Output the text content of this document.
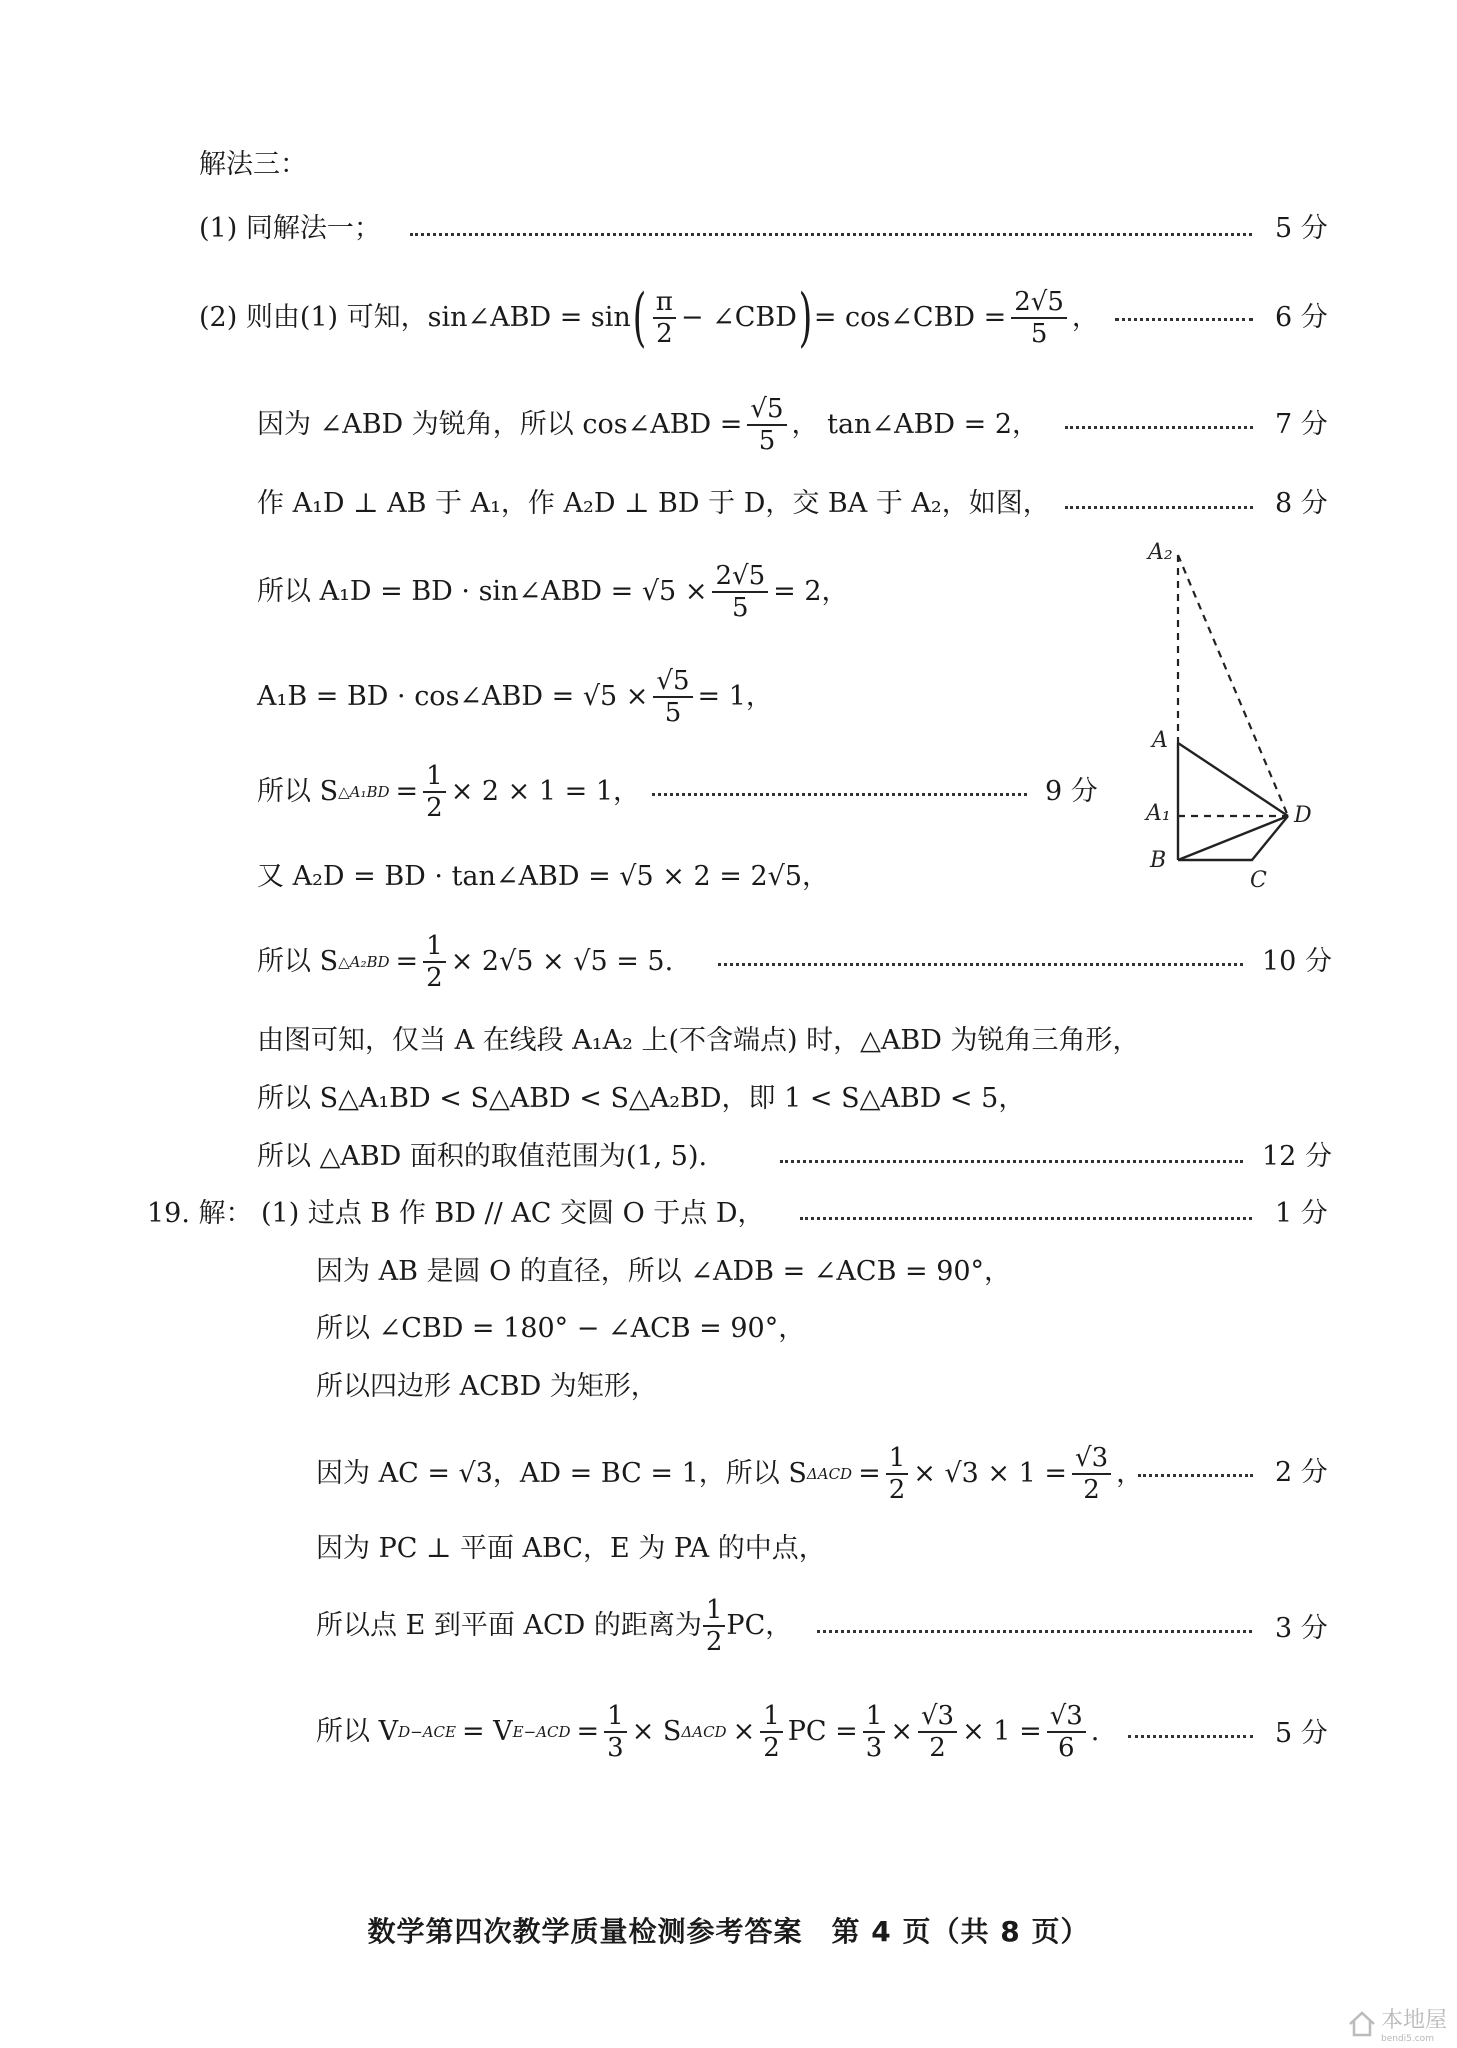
解法三：
(1) 同解法一；	5 分
(2) 则由(1) 可知， sin∠ABD = sin ( $\frac{\pi}{2}$ − ∠CBD ) = cos∠CBD = $\frac{2√5}{5}$ ，	6 分
因为 ∠ABD 为锐角，所以 cos∠ABD = $\frac{√5}{5}$ ， tan∠ABD = 2，	7 分
作 A₁D ⊥ AB 于 A₁，作 A₂D ⊥ BD 于 D，交 BA 于 A₂，如图，	8 分
所以 A₁D = BD · sin∠ABD = $√5 \times \frac{2√5}{5} = 2$，
A₁B = BD · cos∠ABD = $√5 \times \frac{√5}{5} = 1$，
所以 S △A₁BD = $\frac{1}{2} \times 2 \times 1 = 1$，	9 分
又 A₂D = BD · tan∠ABD = √5 × 2 = 2√5，
所以 S △A₂BD = $\frac{1}{2} \times 2√5 \times √5 = 5$.	10 分
由图可知，仅当 A 在线段 A₁A₂ 上(不含端点) 时，△ABD 为锐角三角形，
所以 S△A₁BD < S△ABD < S△A₂BD，即 1 < S△ABD < 5，
所以 △ABD 面积的取值范围为(1, 5).	12 分
19. 解： (1) 过点 B 作 BD // AC 交圆 O 于点 D，	1 分
因为 AB 是圆 O 的直径，所以 ∠ADB = ∠ACB = 90°，
所以 ∠CBD = 180° − ∠ACB = 90°，
所以四边形 ACBD 为矩形，
因为 AC = √3，AD = BC = 1，所以 S $\Delta ACD = \frac{1}{2} \times √3 \times 1 = \frac{√3}{2}$ ，	2 分
因为 PC ⊥ 平面 ABC，E 为 PA 的中点，
所以点 E 到平面 ACD 的距离为 $\frac{1}{2}$ PC，	3 分
所以 V D−ACE = V $E-ACD = \frac{1}{3} \times S$ $\Delta ACD \times \frac{1}{2}$ PC = $\frac{1}{3} \times \frac{√3}{2} \times 1 = \frac{√3}{6}$ .	5 分
A₂
A
A₁
B
C
D
数学第四次教学质量检测参考答案　第 4 页（共 8 页）
本地屋
bendi5.com
